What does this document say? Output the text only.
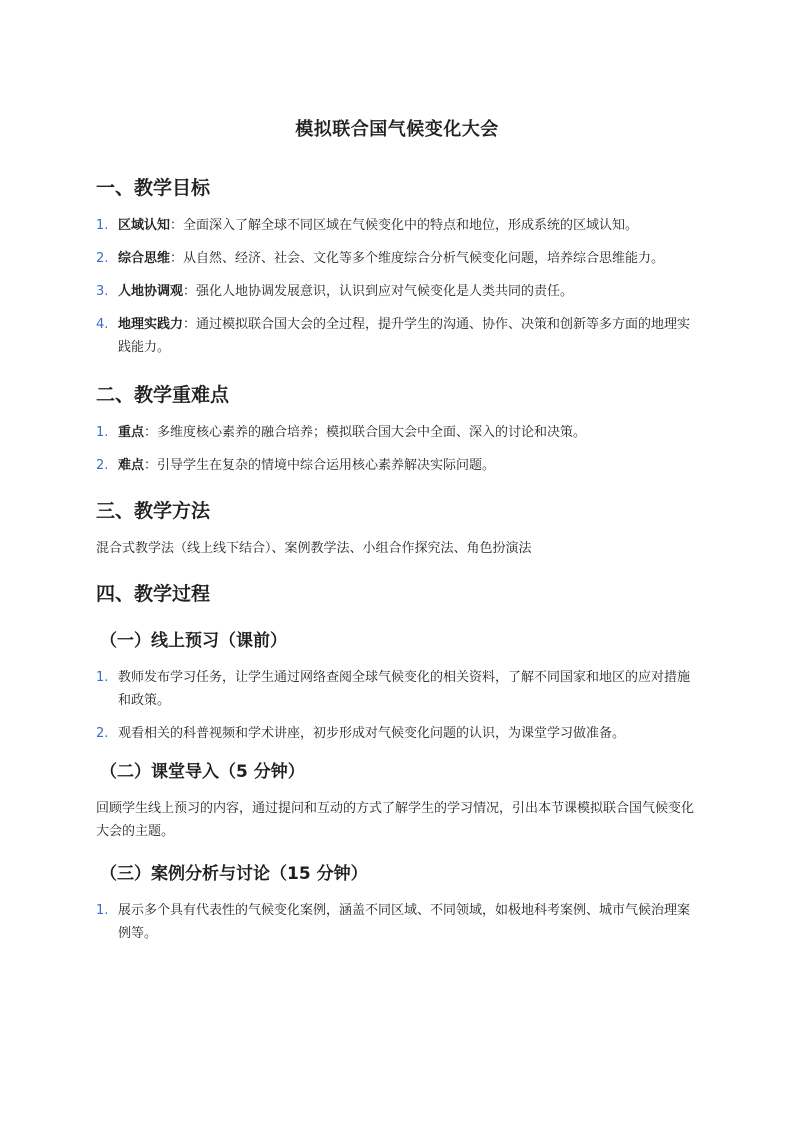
模拟联合国气候变化大会
一、教学目标
1. 区域认知：全面深入了解全球不同区域在气候变化中的特点和地位，形成系统的区域认知。
2. 综合思维：从自然、经济、社会、文化等多个维度综合分析气候变化问题，培养综合思维能力。
3. 人地协调观：强化人地协调发展意识，认识到应对气候变化是人类共同的责任。
4. 地理实践力：通过模拟联合国大会的全过程，提升学生的沟通、协作、决策和创新等多方面的地理实践能力。
二、教学重难点
1. 重点：多维度核心素养的融合培养；模拟联合国大会中全面、深入的讨论和决策。
2. 难点：引导学生在复杂的情境中综合运用核心素养解决实际问题。
三、教学方法

混合式教学法（线上线下结合）、案例教学法、小组合作探究法、角色扮演法

四、教学过程
（一）线上预习（课前）
1. 教师发布学习任务，让学生通过网络查阅全球气候变化的相关资料，了解不同国家和地区的应对措施和政策。
2. 观看相关的科普视频和学术讲座，初步形成对气候变化问题的认识，为课堂学习做准备。
（二）课堂导入（5 分钟）

回顾学生线上预习的内容，通过提问和互动的方式了解学生的学习情况，引出本节课模拟联合国气候变化大会的主题。

（三）案例分析与讨论（15 分钟）
1. 展示多个具有代表性的气候变化案例，涵盖不同区域、不同领域，如极地科考案例、城市气候治理案例等。
